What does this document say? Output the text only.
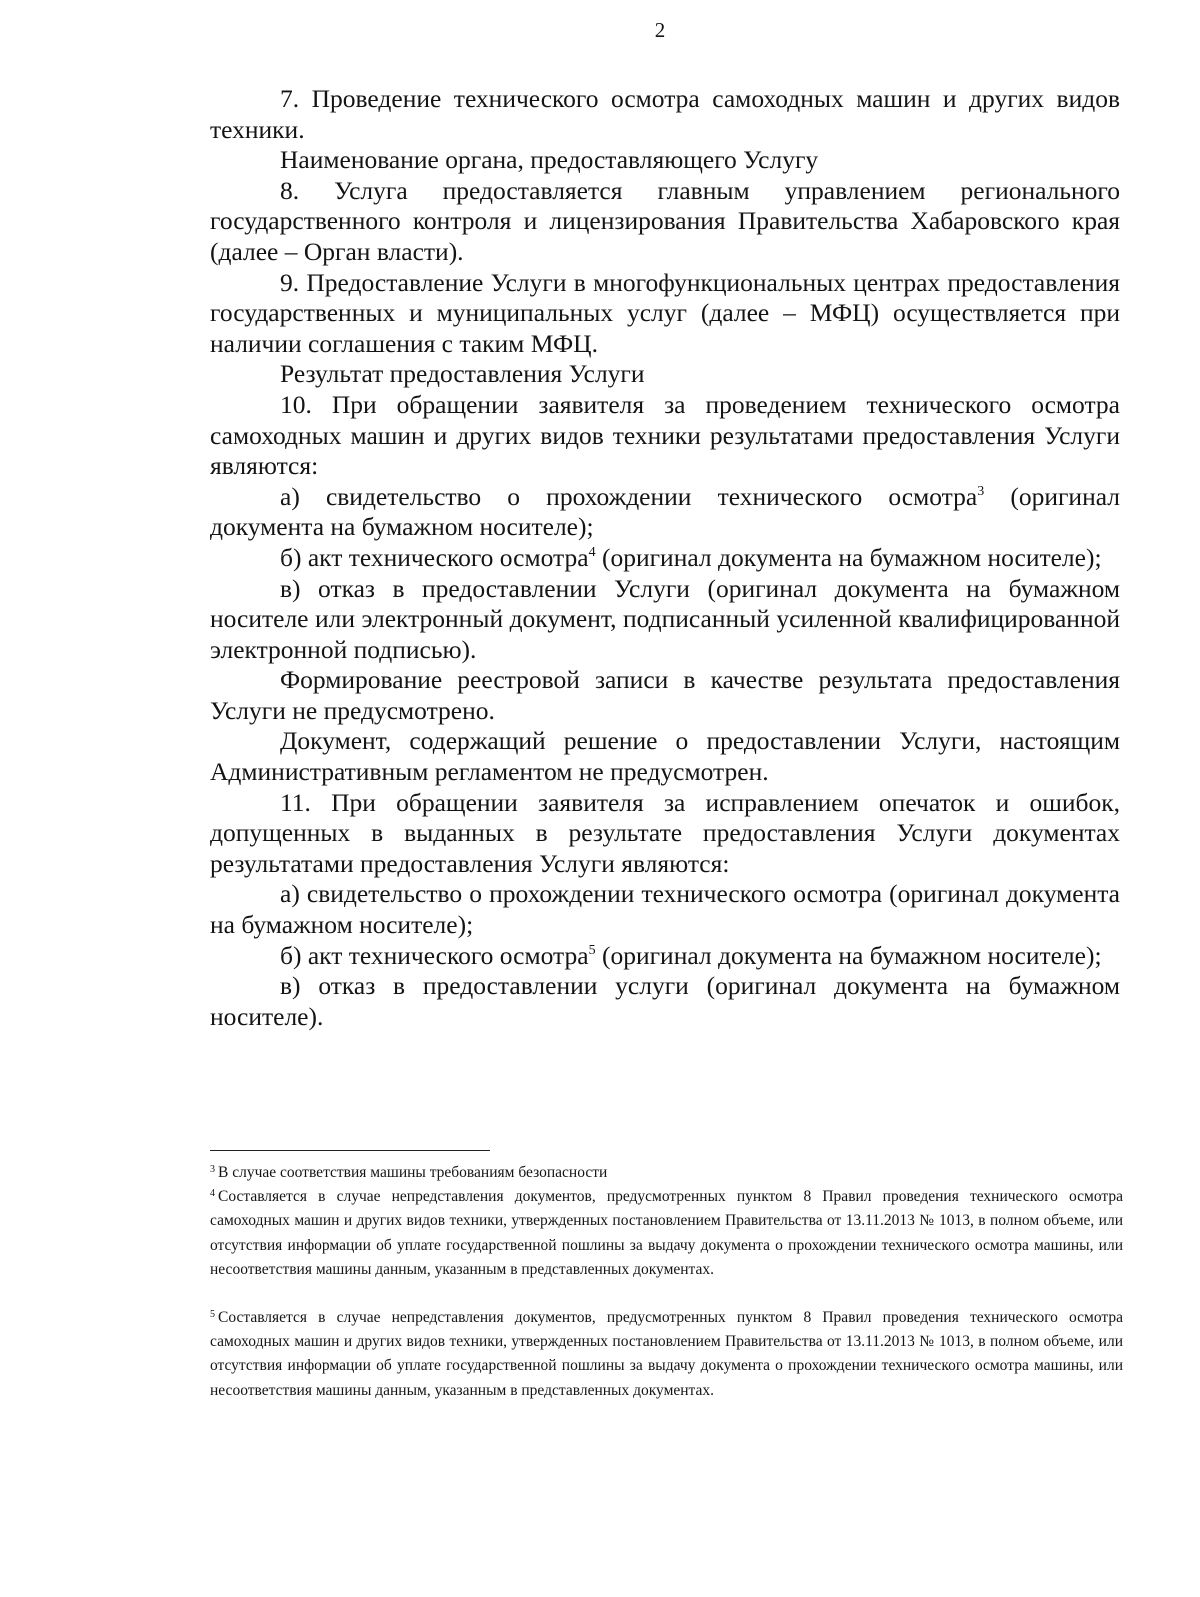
2

7. Проведение технического осмотра самоходных машин и других видов техники.

Наименование органа, предоставляющего Услугу

8. Услуга предоставляется главным управлением регионального государственного контроля и лицензирования Правительства Хабаровского края (далее – Орган власти).

9. Предоставление Услуги в многофункциональных центрах предоставления государственных и муниципальных услуг (далее – МФЦ) осуществляется при наличии соглашения с таким МФЦ.

Результат предоставления Услуги

10. При обращении заявителя за проведением технического осмотра самоходных машин и других видов техники результатами предоставления Услуги являются:

а) свидетельство о прохождении технического осмотра$^3$ (оригинал документа на бумажном носителе);

б) акт технического осмотра$^4$ (оригинал документа на бумажном носителе);

в) отказ в предоставлении Услуги (оригинал документа на бумажном носителе или электронный документ, подписанный усиленной квалифицированной электронной подписью).

Формирование реестровой записи в качестве результата предоставления Услуги не предусмотрено.

Документ, содержащий решение о предоставлении Услуги, настоящим Административным регламентом не предусмотрен.

11. При обращении заявителя за исправлением опечаток и ошибок, допущенных в выданных в результате предоставления Услуги документах результатами предоставления Услуги являются:

а) свидетельство о прохождении технического осмотра (оригинал документа на бумажном носителе);

б) акт технического осмотра$^5$ (оригинал документа на бумажном носителе);

в) отказ в предоставлении услуги (оригинал документа на бумажном носителе).

$^3$ В случае соответствия машины требованиям безопасности

$^4$ Составляется в случае непредставления документов, предусмотренных пунктом 8 Правил проведения технического осмотра самоходных машин и других видов техники, утвержденных постановлением Правительства от 13.11.2013 № 1013, в полном объеме, или отсутствия информации об уплате государственной пошлины за выдачу документа о прохождении технического осмотра машины, или несоответствия машины данным, указанным в представленных документах.

$^5$ Составляется в случае непредставления документов, предусмотренных пунктом 8 Правил проведения технического осмотра самоходных машин и других видов техники, утвержденных постановлением Правительства от 13.11.2013 № 1013, в полном объеме, или отсутствия информации об уплате государственной пошлины за выдачу документа о прохождении технического осмотра машины, или несоответствия машины данным, указанным в представленных документах.
